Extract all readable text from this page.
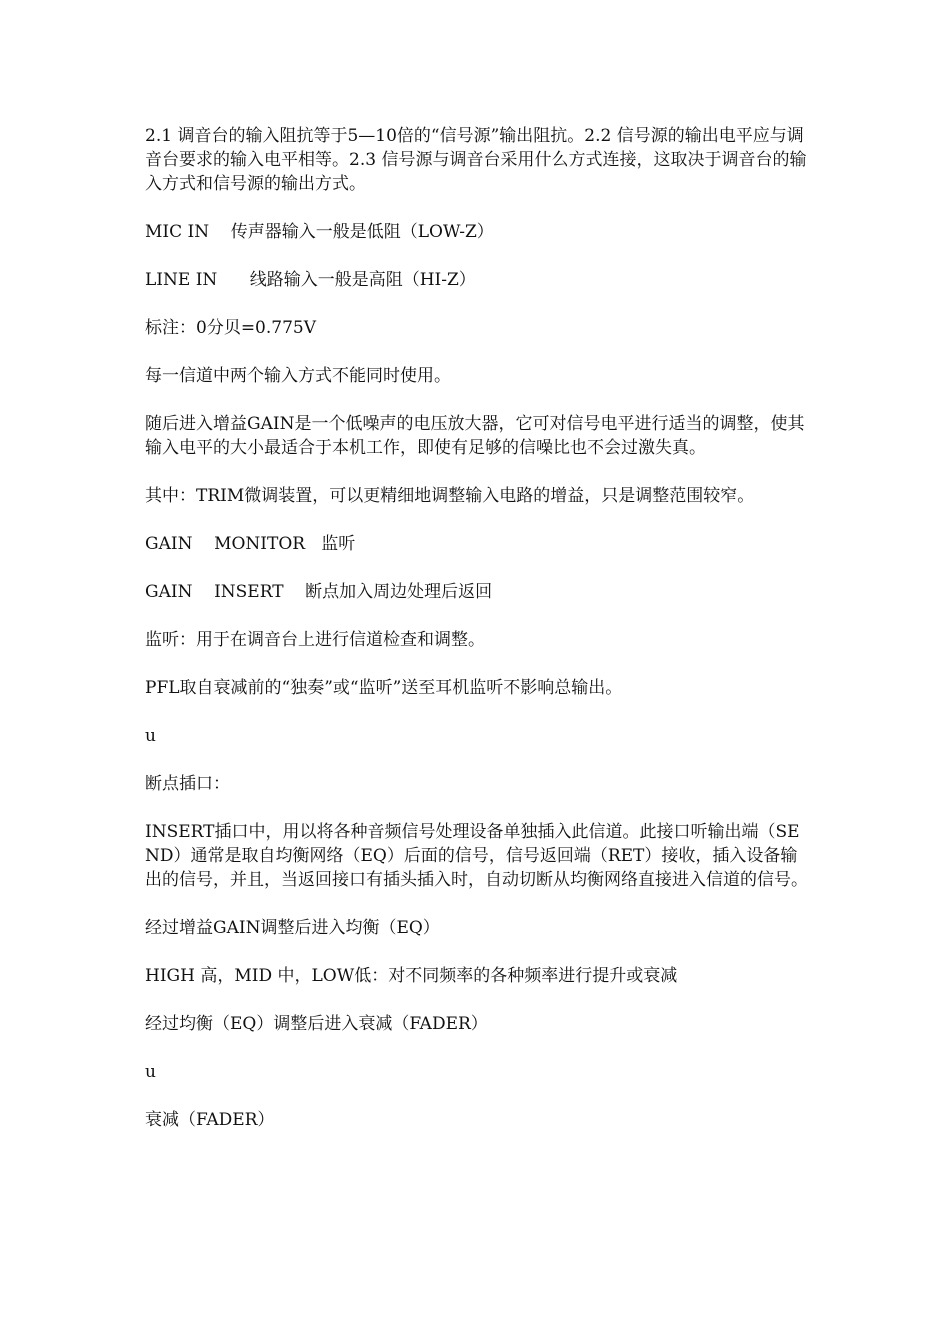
2.1 调音台的输入阻抗等于5—10倍的“信号源”输出阻抗。2.2 信号源的输出电平应与调音台要求的输入电平相等。2.3 信号源与调音台采用什么方式连接，这取决于调音台的输入方式和信号源的输出方式。

MIC IN    传声器输入一般是低阻（LOW-Z）

LINE IN      线路输入一般是高阻（HI-Z）

标注：0分贝=0.775V

每一信道中两个输入方式不能同时使用。

随后进入增益GAIN是一个低噪声的电压放大器，它可对信号电平进行适当的调整，使其输入电平的大小最适合于本机工作，即使有足够的信噪比也不会过激失真。

其中：TRIM微调装置，可以更精细地调整输入电路的增益，只是调整范围较窄。

GAIN    MONITOR   监听

GAIN    INSERT    断点加入周边处理后返回

监听：用于在调音台上进行信道检查和调整。

PFL取自衰减前的“独奏”或“监听”送至耳机监听不影响总输出。

u

断点插口：

INSERT插口中，用以将各种音频信号处理设备单独插入此信道。此接口听输出端（SEND）通常是取自均衡网络（EQ）后面的信号，信号返回端（RET）接收，插入设备输出的信号，并且，当返回接口有插头插入时，自动切断从均衡网络直接进入信道的信号。

经过增益GAIN调整后进入均衡（EQ）

HIGH 高，MID 中，LOW低：对不同频率的各种频率进行提升或衰减

经过均衡（EQ）调整后进入衰减（FADER）

u

衰减（FADER）
